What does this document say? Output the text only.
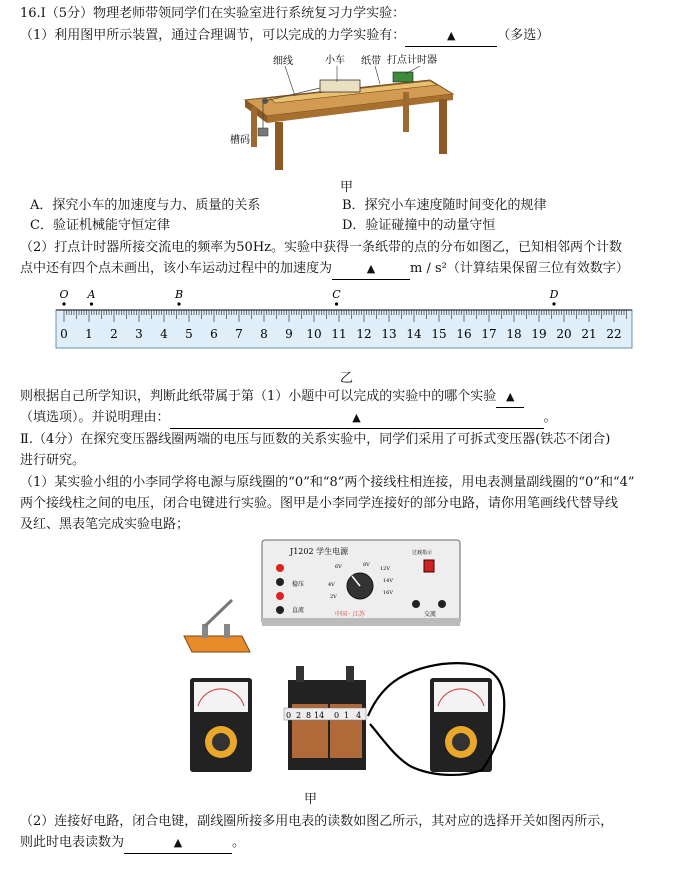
16.Ⅰ（5分）物理老师带领同学们在实验室进行系统复习力学实验：
（1）利用图甲所示装置，通过合理调节，可以完成的力学实验有：	▲	（多选）
细线	小车 纸带 打点计时器
槽码
甲
A．探究小车的加速度与力、质量的关系	B．探究小车速度随时间变化的规律
C．验证机械能守恒定律	D．验证碰撞中的动量守恒
（2）打点计时器所接交流电的频率为50Hz。实验中获得一条纸带的点的分布如图乙，已知相邻两个计数
点中还有四个点未画出，该小车运动过程中的加速度为	▲	m / s²（计算结果保留三位有效数字）
0 1 2 3 4 5 6 7 8 9 10 11 12 13 14 15 16 17 18 19 20 21 22
O A	B	C	D
乙
则根据自己所学知识，判断此纸带属于第（1）小题中可以完成的实验中的哪个实验 ▲
（填选项）。并说明理由：	▲	。
Ⅱ.（4分）在探究变压器线圈两端的电压与匝数的关系实验中，同学们采用了可拆式变压器(铁芯不闭合)
进行研究。
（1）某实验小组的小李同学将电源与原线圈的“0”和“8”两个接线柱相连接，用电表测量副线圈的“0”和“4”
两个接线柱之间的电压，闭合电键进行实验。图甲是小李同学连接好的部分电路，请你用笔画线代替导线
及红、黑表笔完成实验电路；
J1202 学生电源
稳压
直流
6V	8V
12V
14V
16V
4V
2V
中国 · 江苏
过载指示
交流
0 2 8 14 0 1 4
甲
（2）连接好电路，闭合电键，副线圈所接多用电表的读数如图乙所示，其对应的选择开关如图丙所示，
则此时电表读数为	▲	。
